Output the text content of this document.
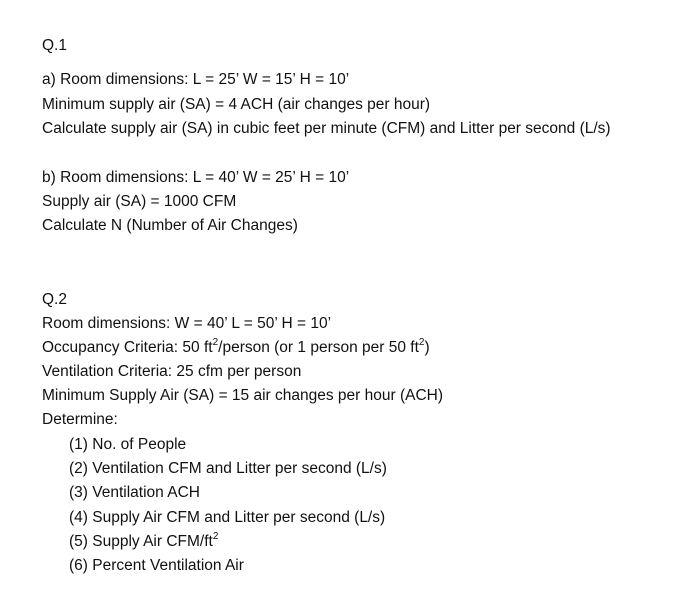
Q.1
a) Room dimensions: L = 25’ W = 15’ H = 10’
Minimum supply air (SA) = 4 ACH (air changes per hour)
Calculate supply air (SA) in cubic feet per minute (CFM) and Litter per second (L/s)
b) Room dimensions: L = 40’ W = 25’ H = 10’
Supply air (SA) = 1000 CFM
Calculate N (Number of Air Changes)
Q.2
Room dimensions: W = 40’ L = 50’ H = 10’
Occupancy Criteria: 50 $ft^2$/person (or 1 person per 50 $ft^2$)
Ventilation Criteria: 25 cfm per person
Minimum Supply Air (SA) = 15 air changes per hour (ACH)
Determine:
(1) No. of People
(2) Ventilation CFM and Litter per second (L/s)
(3) Ventilation ACH
(4) Supply Air CFM and Litter per second (L/s)
(5) Supply Air CFM/$ft^2$
(6) Percent Ventilation Air
